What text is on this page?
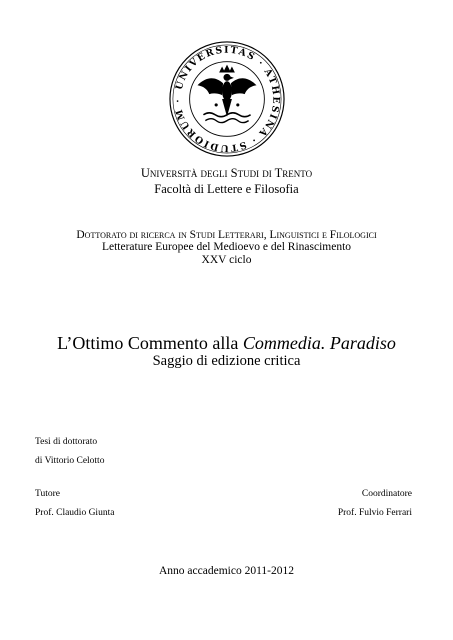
UNIVERSITAS · ATHESINA · STUDIORUM ·
Università degli Studi di Trento
Facoltà di Lettere e Filosofia
Dottorato di ricerca in Studi Letterari, Linguistici e Filologici
Letterature Europee del Medioevo e del Rinascimento
XXV ciclo
L’Ottimo Commento alla Commedia. Paradiso
Saggio di edizione critica
Tesi di dottorato
di Vittorio Celotto
Tutore
Prof. Claudio Giunta
Coordinatore
Prof. Fulvio Ferrari
Anno accademico 2011-2012
